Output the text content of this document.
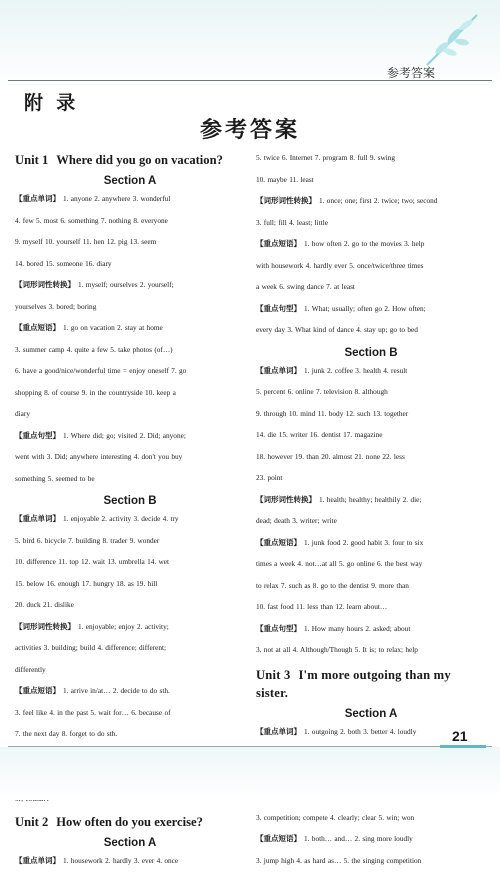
参考答案
附 录
参考答案
Unit 1 Where did you go on vacation?
Section A
【重点单词】 1. anyone 2. anywhere 3. wonderful
4. few 5. most 6. something 7. nothing 8. everyone
9. myself 10. yourself 11. hen 12. pig 13. seem
14. bored 15. someone 16. diary
【词形词性转换】 1. myself; ourselves 2. yourself;
yourselves 3. bored; boring
【重点短语】 1. go on vacation 2. stay at home
3. summer camp 4. quite a few 5. take photos (of…)
6. have a good/nice/wonderful time = enjoy oneself 7. go
shopping 8. of course 9. in the countryside 10. keep a
diary
【重点句型】 1. Where did; go; visited 2. Did; anyone;
went with 3. Did; anywhere interesting 4. don't you buy
something 5. seemed to be
Section B
【重点单词】 1. enjoyable 2. activity 3. decide 4. try
5. bird 6. bicycle 7. building 8. trader 9. wonder
10. difference 11. top 12. wait 13. umbrella 14. wet
15. below 16. enough 17. hungry 18. as 19. hill
20. duck 21. dislike
【词形词性转换】 1. enjoyable; enjoy 2. activity;
activities 3. building; build 4. difference; different;
differently
【重点短语】 1. arrive in/at… 2. decide to do sth.
3. feel like 4. in the past 5. wait for… 6. because of
7. the next day 8. forget to do sth.
Unit 2 How often do you exercise?
Section A
【重点单词】 1. housework 2. hardly 3. ever 4. once
5. twice 6. Internet 7. program 8. full 9. swing
10. maybe 11. least
【词形词性转换】 1. once; one; first 2. twice; two; second
3. full; fill 4. least; little
【重点短语】 1. how often 2. go to the movies 3. help
with housework 4. hardly ever 5. once/twice/three times
a week 6. swing dance 7. at least
【重点句型】 1. What; usually; often go 2. How often;
every day 3. What kind of dance 4. stay up; go to bed
Section B
【重点单词】 1. junk 2. coffee 3. health 4. result
5. percent 6. online 7. television 8. although
9. through 10. mind 11. body 12. such 13. together
14. die 15. writer 16. dentist 17. magazine
18. however 19. than 20. almost 21. none 22. less
23. point
【词形词性转换】 1. health; healthy; healthily 2. die;
dead; death 3. writer; write
【重点短语】 1. junk food 2. good habit 3. four to six
times a week 4. not…at all 5. go online 6. the best way
to relax 7. such as 8. go to the dentist 9. more than
10. fast food 11. less than 12. learn about…
【重点句型】 1. How many hours 2. asked; about
3. not at all 4. Although/Though 5. It is; to relax; help
Unit 3 I'm more outgoing than my sister.
Section A
【重点单词】 1. outgoing 2. both 3. better 4. loudly
3. competition; compete 4. clearly; clear 5. win; won
【重点短语】 1. both… and… 2. sing more loudly
3. jump high 4. as hard as… 5. the singing competition
21
